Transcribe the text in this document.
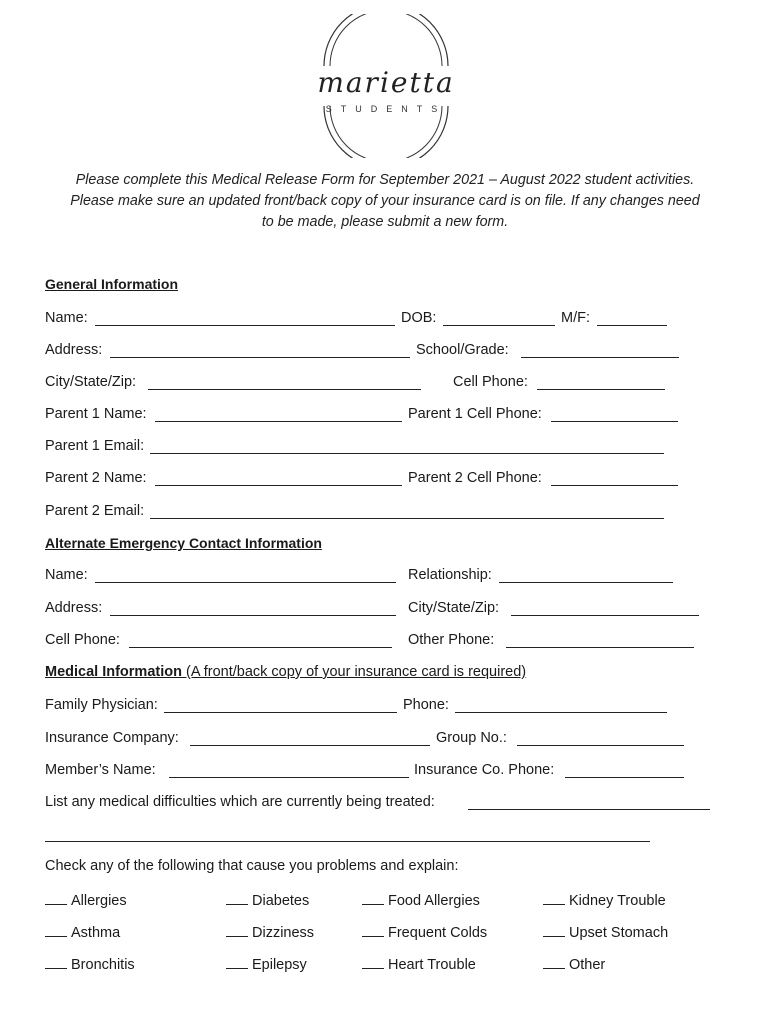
marietta
STUDENTS
Please complete this Medical Release Form for September 2021 – August 2022 student activities.
Please make sure an updated front/back copy of your insurance card is on file. If any changes need
to be made, please submit a new form.
General Information
Name:	DOB:	M/F:
Address:	School/Grade:
City/State/Zip:	Cell Phone:
Parent 1 Name:	Parent 1 Cell Phone:
Parent 1 Email:
Parent 2 Name:	Parent 2 Cell Phone:
Parent 2 Email:
Alternate Emergency Contact Information
Name:	Relationship:
Address:	City/State/Zip:
Cell Phone:	Other Phone:
Medical Information (A front/back copy of your insurance card is required)
Family Physician:	Phone:
Insurance Company:	Group No.:
Member’s Name:	Insurance Co. Phone:
List any medical difficulties which are currently being treated:
Check any of the following that cause you problems and explain:
Allergies	Diabetes	Food Allergies	Kidney Trouble
Asthma	Dizziness	Frequent Colds	Upset Stomach
Bronchitis	Epilepsy	Heart Trouble	Other
